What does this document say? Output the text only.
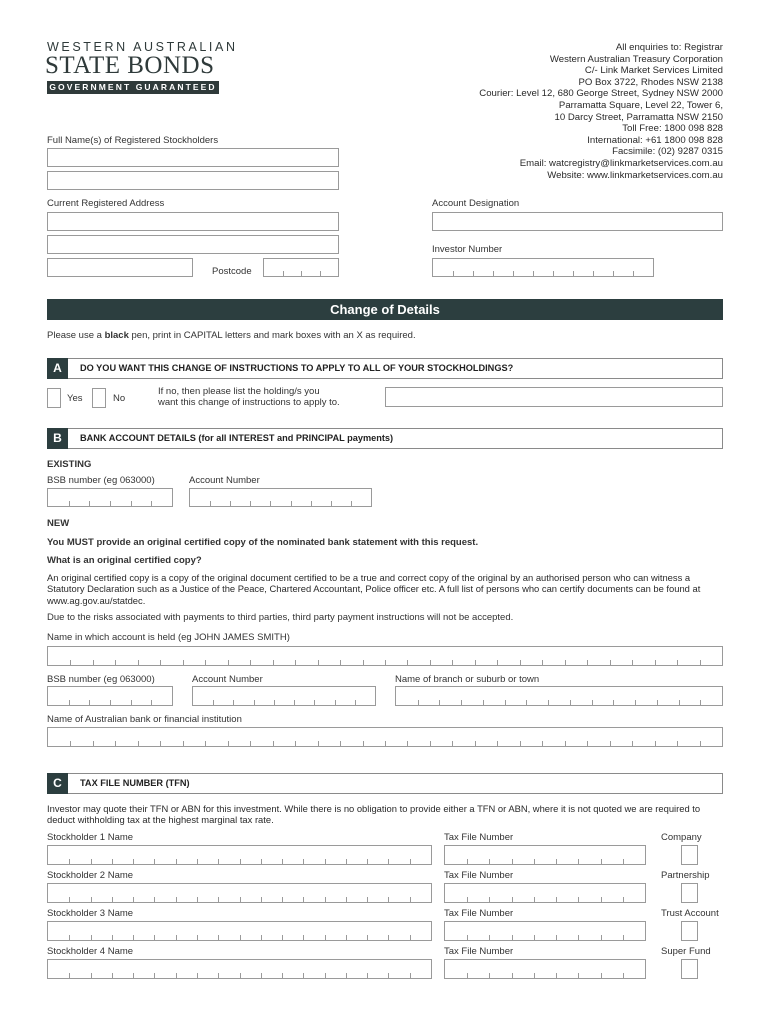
WESTERN AUSTRALIAN
STATE BONDS
GOVERNMENT GUARANTEED
All enquiries to: Registrar
Western Australian Treasury Corporation
C/- Link Market Services Limited
PO Box 3722, Rhodes NSW 2138
Courier: Level 12, 680 George Street, Sydney NSW 2000
Parramatta Square, Level 22, Tower 6,
10 Darcy Street, Parramatta NSW 2150
Toll Free: 1800 098 828
International: +61 1800 098 828
Facsimile: (02) 9287 0315
Email: watcregistry@linkmarketservices.com.au
Website: www.linkmarketservices.com.au
Full Name(s) of Registered Stockholders
Current Registered Address
Postcode
Account Designation
Investor Number
Change of Details
Please use a black pen, print in CAPITAL letters and mark boxes with an X as required.
A	DO YOU WANT THIS CHANGE OF INSTRUCTIONS TO APPLY TO ALL OF YOUR STOCKHOLDINGS?
Yes	No
If no, then please list the holding/s you
want this change of instructions to apply to.
B	BANK ACCOUNT DETAILS (for all INTEREST and PRINCIPAL payments)
EXISTING
BSB number (eg 063000)	Account Number
NEW
You MUST provide an original certified copy of the nominated bank statement with this request.
What is an original certified copy?
An original certified copy is a copy of the original document certified to be a true and correct copy of the original by an authorised person who can witness a Statutory Declaration such as a Justice of the Peace, Chartered Accountant, Police officer etc. A full list of persons who can certify documents can be found at www.ag.gov.au/statdec.
Due to the risks associated with payments to third parties, third party payment instructions will not be accepted.
Name in which account is held (eg JOHN JAMES SMITH)
BSB number (eg 063000)	Account Number	Name of branch or suburb or town
Name of Australian bank or financial institution
C	TAX FILE NUMBER (TFN)
Investor may quote their TFN or ABN for this investment. While there is no obligation to provide either a TFN or ABN, where it is not quoted we are required to deduct withholding tax at the highest marginal tax rate.
Stockholder 1 Name	Tax File Number	Company
Stockholder 2 Name	Tax File Number	Partnership
Stockholder 3 Name	Tax File Number	Trust Account
Stockholder 4 Name	Tax File Number	Super Fund
